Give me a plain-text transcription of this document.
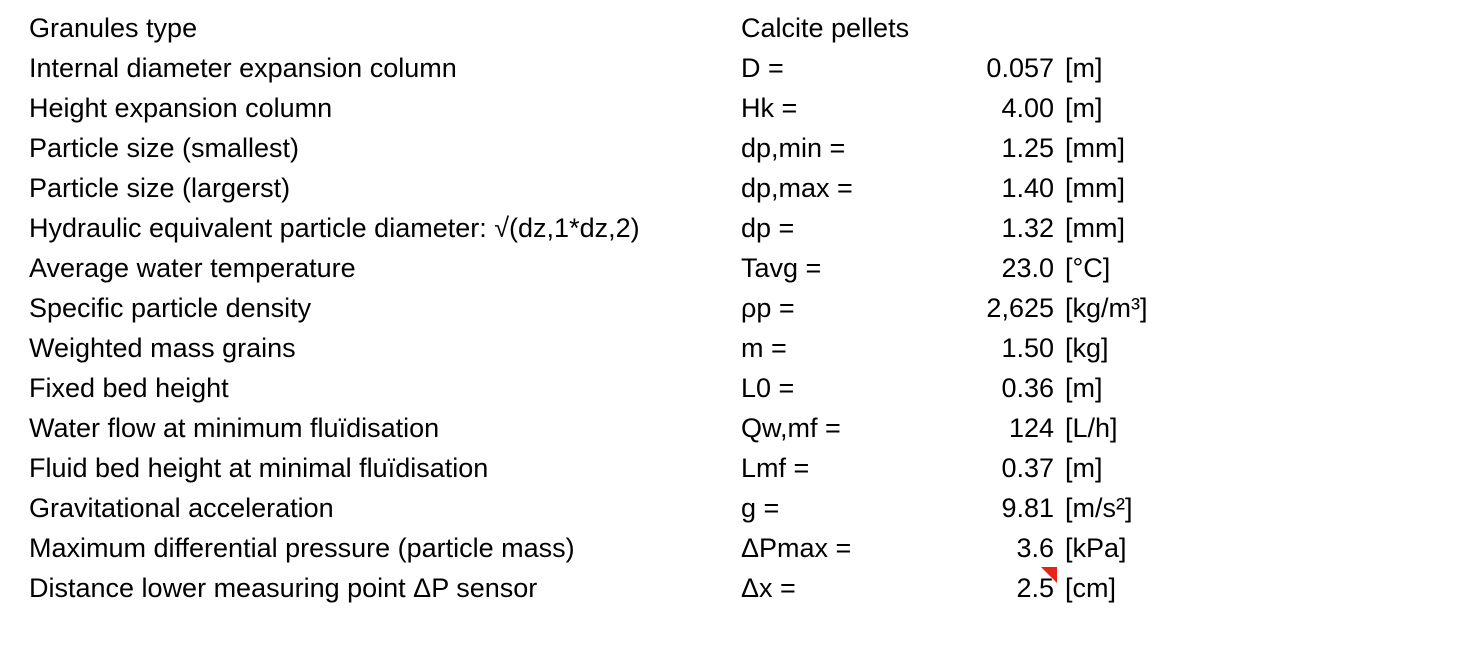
Granules type	Calcite pellets
Internal diameter expansion column	D =	0.057 [m]
Height expansion column	Hk =	4.00 [m]
Particle size (smallest)	dp,min =	1.25 [mm]
Particle size (largerst)	dp,max =	1.40 [mm]
Hydraulic equivalent particle diameter: √(dz,1*dz,2)	dp =	1.32 [mm]
Average water temperature	Tavg =	23.0 [°C]
Specific particle density	ρp =	2,625 [kg/m³]
Weighted mass grains	m =	1.50 [kg]
Fixed bed height	L0 =	0.36 [m]
Water flow at minimum fluïdisation	Qw,mf =	124 [L/h]
Fluid bed height at minimal fluïdisation	Lmf =	0.37 [m]
Gravitational acceleration	g =	9.81 [m/s²]
Maximum differential pressure (particle mass)	ΔPmax =	3.6 [kPa]
Distance lower measuring point ΔP sensor	Δx =	2.5 [cm]
